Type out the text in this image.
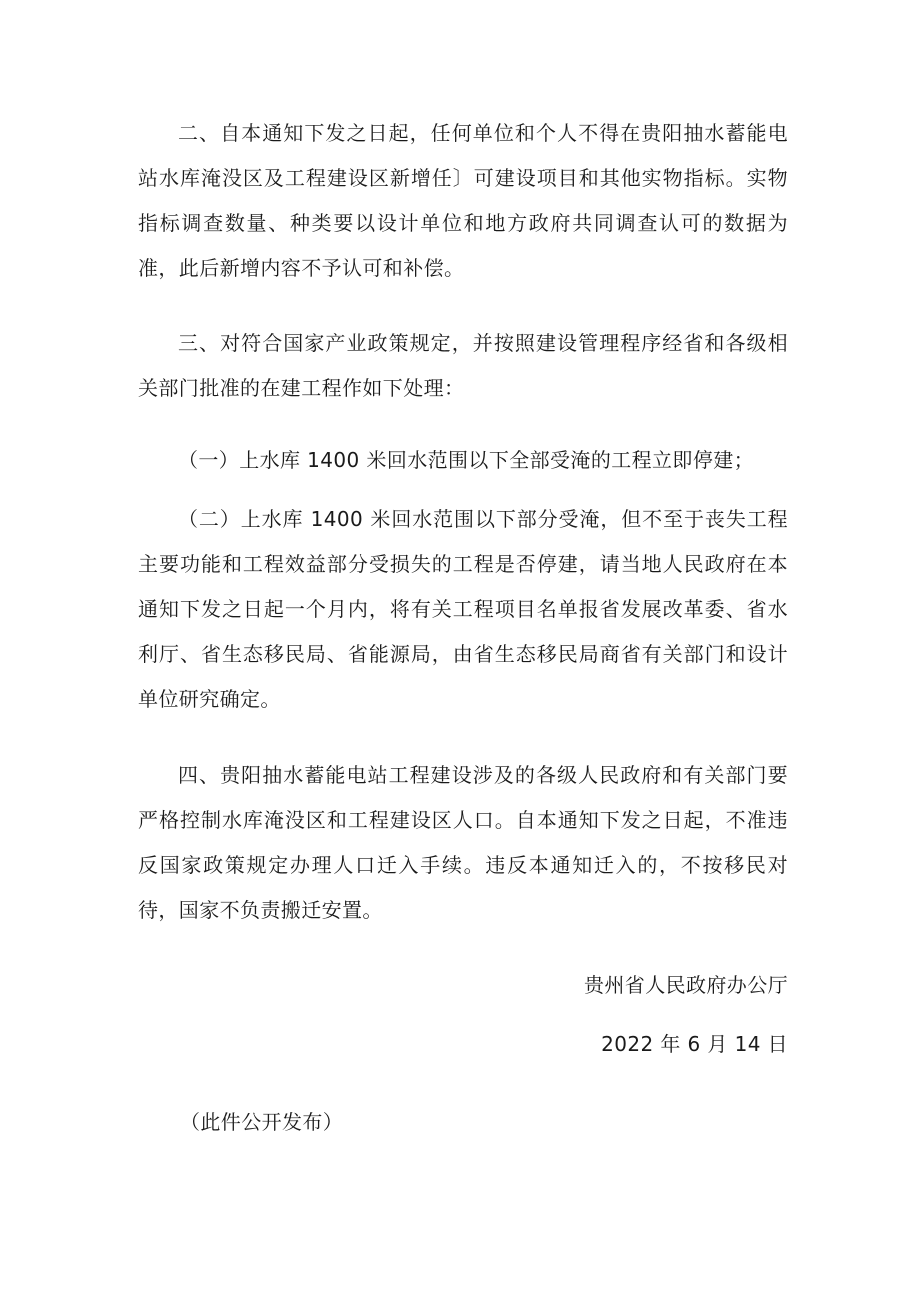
二、自本通知下发之日起，任何单位和个人不得在贵阳抽水蓄能电站水库淹没区及工程建设区新增任〕可建设项目和其他实物指标。实物指标调查数量、种类要以设计单位和地方政府共同调查认可的数据为准，此后新增内容不予认可和补偿。

三、对符合国家产业政策规定，并按照建设管理程序经省和各级相关部门批准的在建工程作如下处理：

（一）上水库 1400 米回水范围以下全部受淹的工程立即停建；

（二）上水库 1400 米回水范围以下部分受淹，但不至于丧失工程主要功能和工程效益部分受损失的工程是否停建，请当地人民政府在本通知下发之日起一个月内，将有关工程项目名单报省发展改革委、省水利厅、省生态移民局、省能源局，由省生态移民局商省有关部门和设计单位研究确定。

四、贵阳抽水蓄能电站工程建设涉及的各级人民政府和有关部门要严格控制水库淹没区和工程建设区人口。自本通知下发之日起，不准违反国家政策规定办理人口迁入手续。违反本通知迁入的，不按移民对待，国家不负责搬迁安置。

贵州省人民政府办公厅

2022 年 6 月 14 日

（此件公开发布）
